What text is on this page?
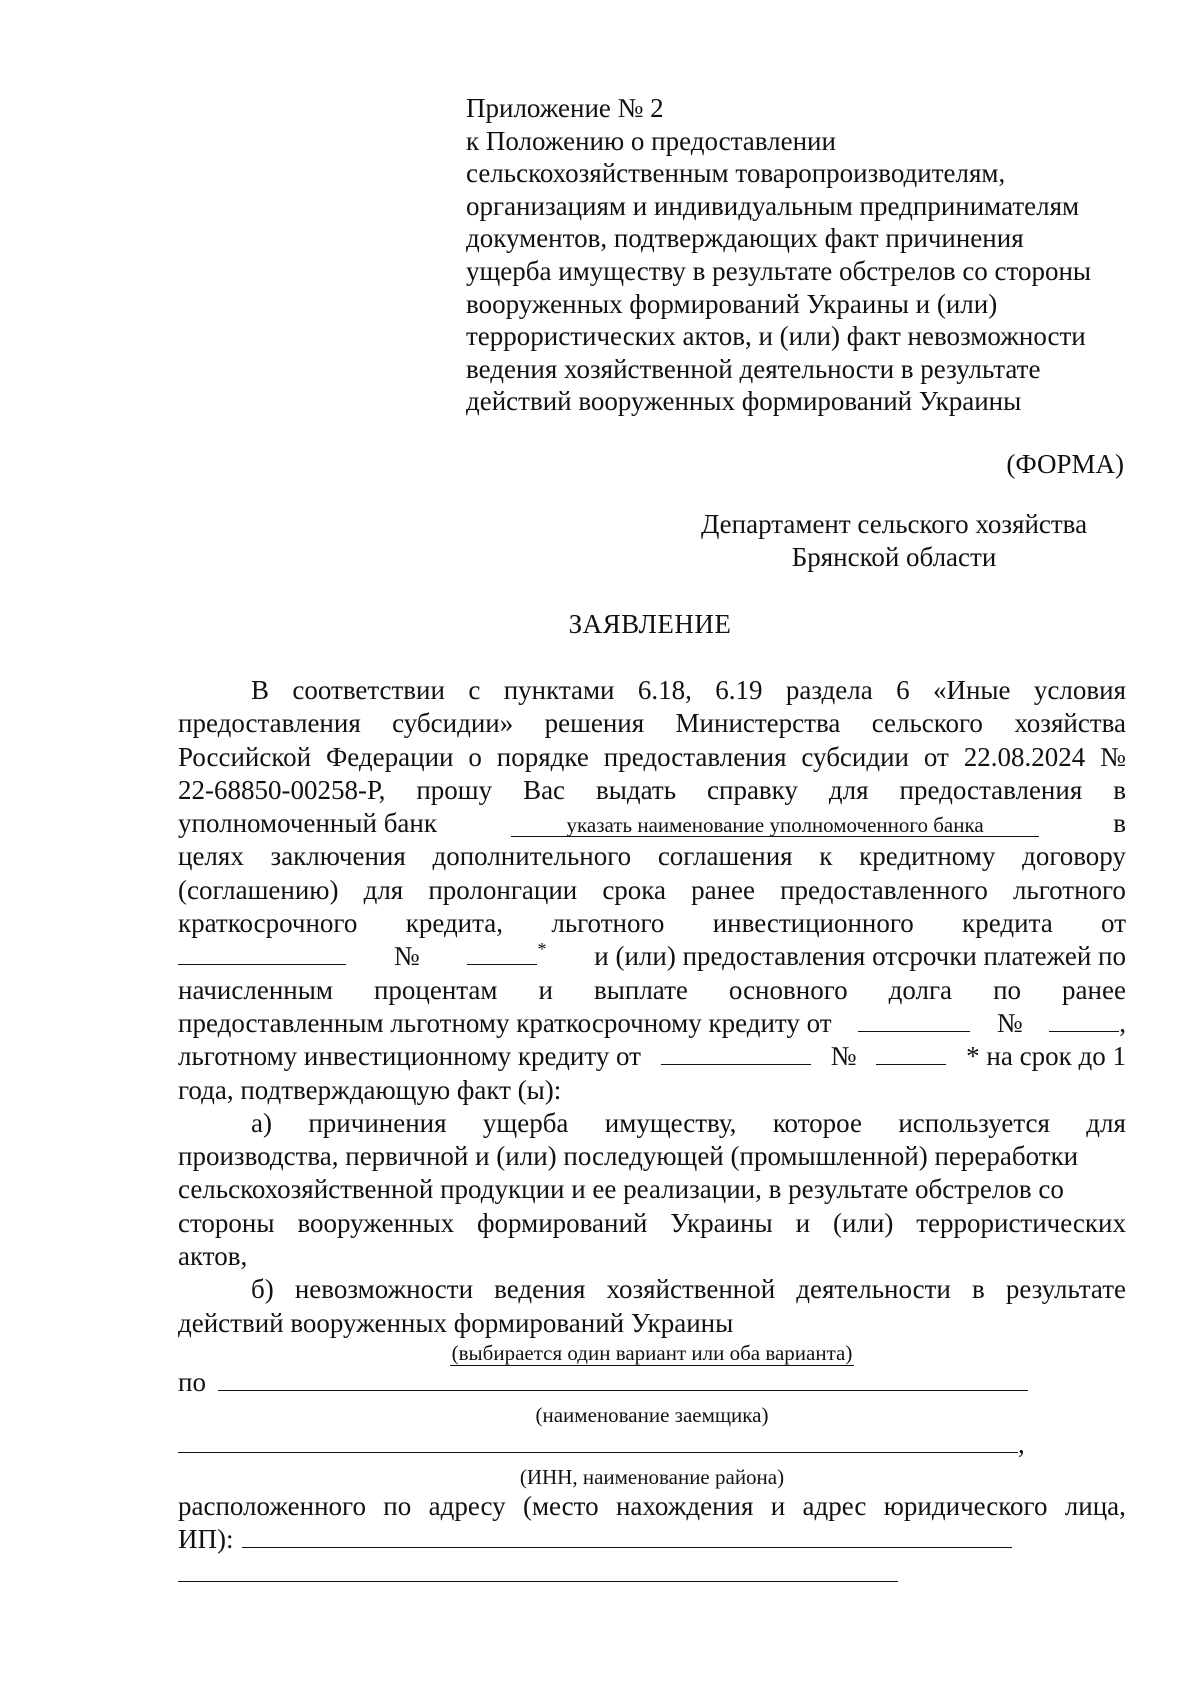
Приложение № 2
к Положению о предоставлении
сельскохозяйственным товаропроизводителям,
организациям и индивидуальным предпринимателям
документов, подтверждающих факт причинения
ущерба имуществу в результате обстрелов со стороны
вооруженных формирований Украины и (или)
террористических актов, и (или) факт невозможности
ведения хозяйственной деятельности в результате
действий вооруженных формирований Украины
(ФОРМА)
Департамент сельского хозяйства
Брянской области
ЗАЯВЛЕНИЕ
В соответствии с пунктами 6.18, 6.19 раздела 6 «Иные условия
предоставления субсидии» решения Министерства сельского хозяйства
Российской Федерации о порядке предоставления субсидии от 22.08.2024 №
22-68850-00258-Р, прошу Вас выдать справку для предоставления в
уполномоченный банк	указать наименование уполномоченного банка	в
целях заключения дополнительного соглашения к кредитному договору
(соглашению) для пролонгации срока ранее предоставленного льготного
краткосрочного кредита, льготного инвестиционного кредита от
№	* и (или) предоставления отсрочки платежей по
начисленным процентам и выплате основного долга по ранее
предоставленным льготному краткосрочному кредиту от	№	,
льготному инвестиционному кредиту от	№	* на срок до 1
года, подтверждающую факт (ы):
а) причинения ущерба имуществу, которое используется для
производства, первичной и (или) последующей (промышленной) переработки
сельскохозяйственной продукции и ее реализации, в результате обстрелов со
стороны вооруженных формирований Украины и (или) террористических
актов,
б) невозможности ведения хозяйственной деятельности в результате
действий вооруженных формирований Украины
(выбирается один вариант или оба варианта)
по
(наименование заемщика)
,
(ИНН, наименование района)
расположенного по адресу (место нахождения и адрес юридического лица,
ИП):
